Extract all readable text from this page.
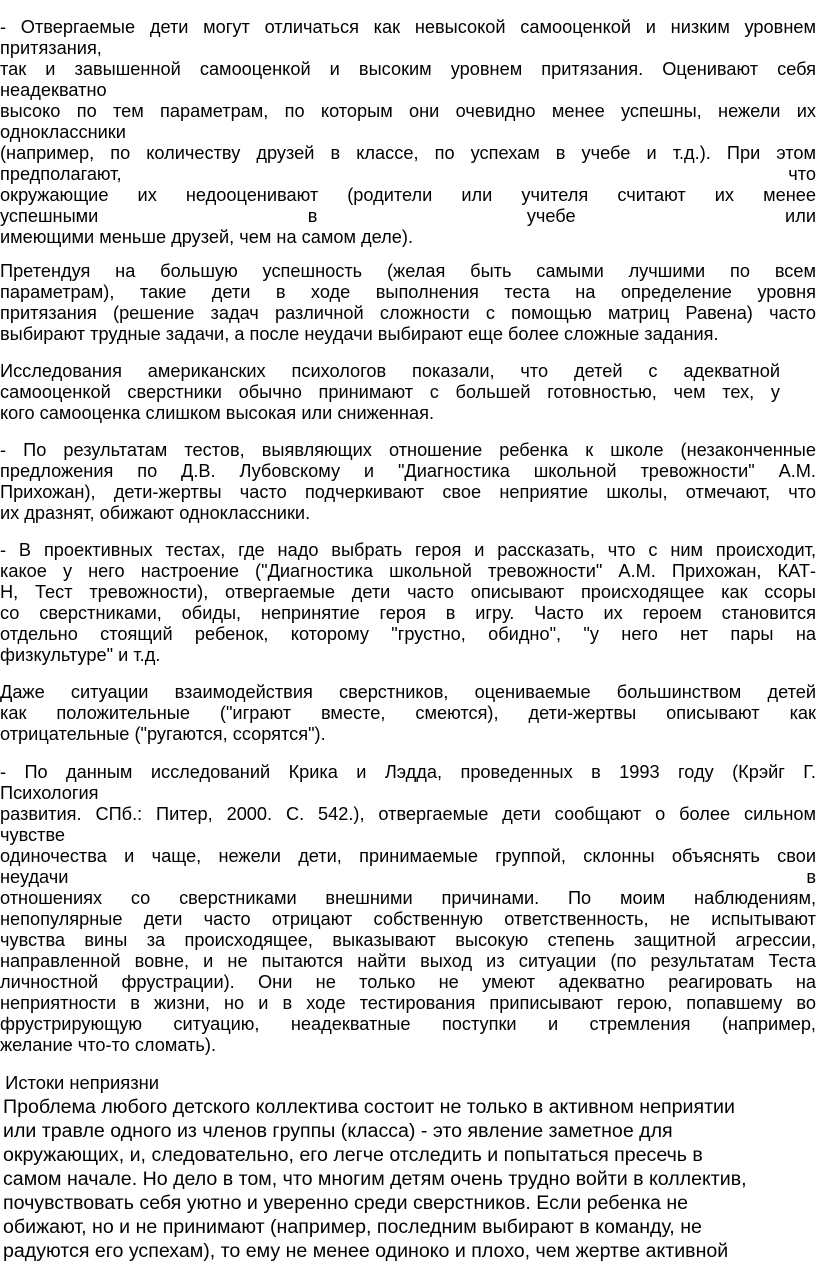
- Отвергаемые дети могут отличаться как невысокой самооценкой и низким уровнем
притязания,
так и завышенной самооценкой и высоким уровнем притязания. Оценивают себя
неадекватно
высоко по тем параметрам, по которым они очевидно менее успешны, нежели их
одноклассники
(например, по количеству друзей в классе, по успехам в учебе и т.д.). При этом
предполагают, что
окружающие их недооценивают (родители или учителя считают их менее
успешными в учебе или
имеющими меньше друзей, чем на самом деле).
Претендуя на большую успешность (желая быть самыми лучшими по всем
параметрам), такие дети в ходе выполнения теста на определение уровня
притязания (решение задач различной сложности с помощью матриц Равена) часто
выбирают трудные задачи, а после неудачи выбирают еще более сложные задания.
Исследования американских психологов показали, что детей с адекватной
самооценкой сверстники обычно принимают с большей готовностью, чем тех, у
кого самооценка слишком высокая или сниженная.
- По результатам тестов, выявляющих отношение ребенка к школе (незаконченные
предложения по Д.В. Лубовскому и "Диагностика школьной тревожности" А.М.
Прихожан), дети-жертвы часто подчеркивают свое неприятие школы, отмечают, что
их дразнят, обижают одноклассники.
- В проективных тестах, где надо выбрать героя и рассказать, что с ним происходит,
какое у него настроение ("Диагностика школьной тревожности" А.М. Прихожан, КАТ-
Н, Тест тревожности), отвергаемые дети часто описывают происходящее как ссоры
со сверстниками, обиды, непринятие героя в игру. Часто их героем становится
отдельно стоящий ребенок, которому "грустно, обидно", "у него нет пары на
физкультуре" и т.д.
Даже ситуации взаимодействия сверстников, оцениваемые большинством детей
как положительные ("играют вместе, смеются), дети-жертвы описывают как
отрицательные ("ругаются, ссорятся").
- По данным исследований Крика и Лэдда, проведенных в 1993 году (Крэйг Г.
Психология
развития. СПб.: Питер, 2000. С. 542.), отвергаемые дети сообщают о более сильном
чувстве
одиночества и чаще, нежели дети, принимаемые группой, склонны объяснять свои
неудачи в
отношениях со сверстниками внешними причинами. По моим наблюдениям,
непопулярные дети часто отрицают собственную ответственность, не испытывают
чувства вины за происходящее, выказывают высокую степень защитной агрессии,
направленной вовне, и не пытаются найти выход из ситуации (по результатам Теста
личностной фрустрации). Они не только не умеют адекватно реагировать на
неприятности в жизни, но и в ходе тестирования приписывают герою, попавшему во
фрустрирующую ситуацию, неадекватные поступки и стремления (например,
желание что-то сломать).
Истоки неприязни
Проблема любого детского коллектива состоит не только в активном неприятии
или травле одного из членов группы (класса) - это явление заметное для
окружающих, и, следовательно, его легче отследить и попытаться пресечь в
самом начале. Но дело в том, что многим детям очень трудно войти в коллектив,
почувствовать себя уютно и уверенно среди сверстников. Если ребенка не
обижают, но и не принимают (например, последним выбирают в команду, не
радуются его успехам), то ему не менее одиноко и плохо, чем жертве активной
